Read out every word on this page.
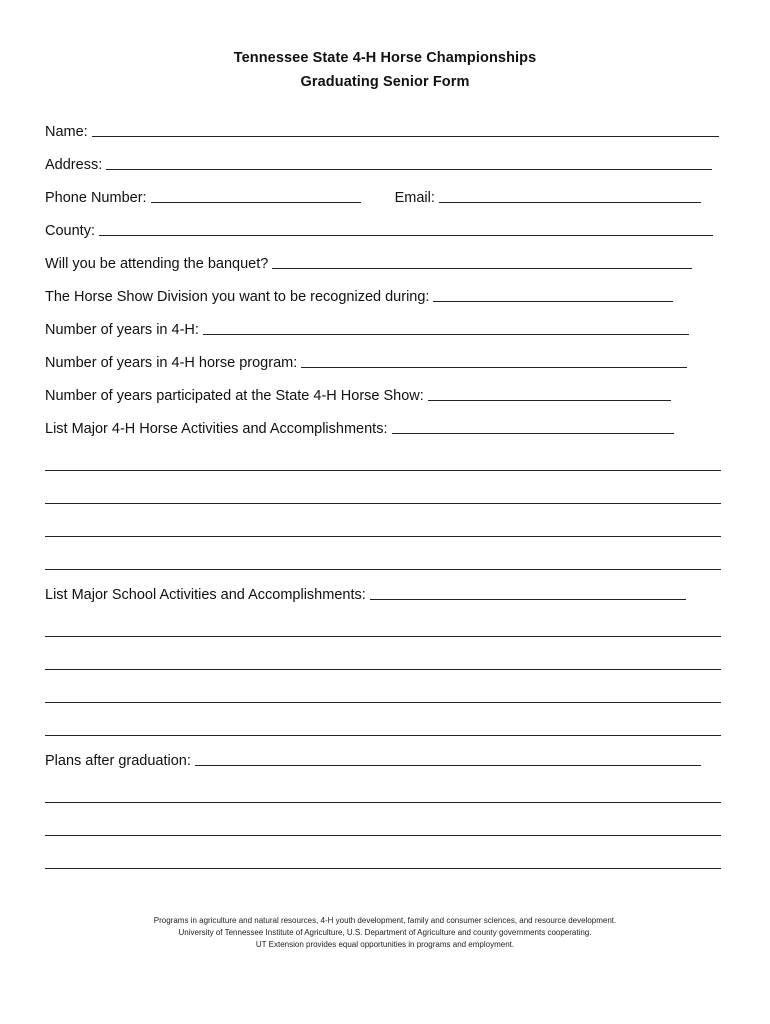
Tennessee State 4-H Horse Championships
Graduating Senior Form
Name:
Address:
Phone Number:	Email:
County:
Will you be attending the banquet?
The Horse Show Division you want to be recognized during:
Number of years in 4-H:
Number of years in 4-H horse program:
Number of years participated at the State 4-H Horse Show:
List Major 4-H Horse Activities and Accomplishments:
List Major School Activities and Accomplishments:
Plans after graduation:
Programs in agriculture and natural resources, 4-H youth development, family and consumer sciences, and resource development.
University of Tennessee Institute of Agriculture, U.S. Department of Agriculture and county governments cooperating.
UT Extension provides equal opportunities in programs and employment.
